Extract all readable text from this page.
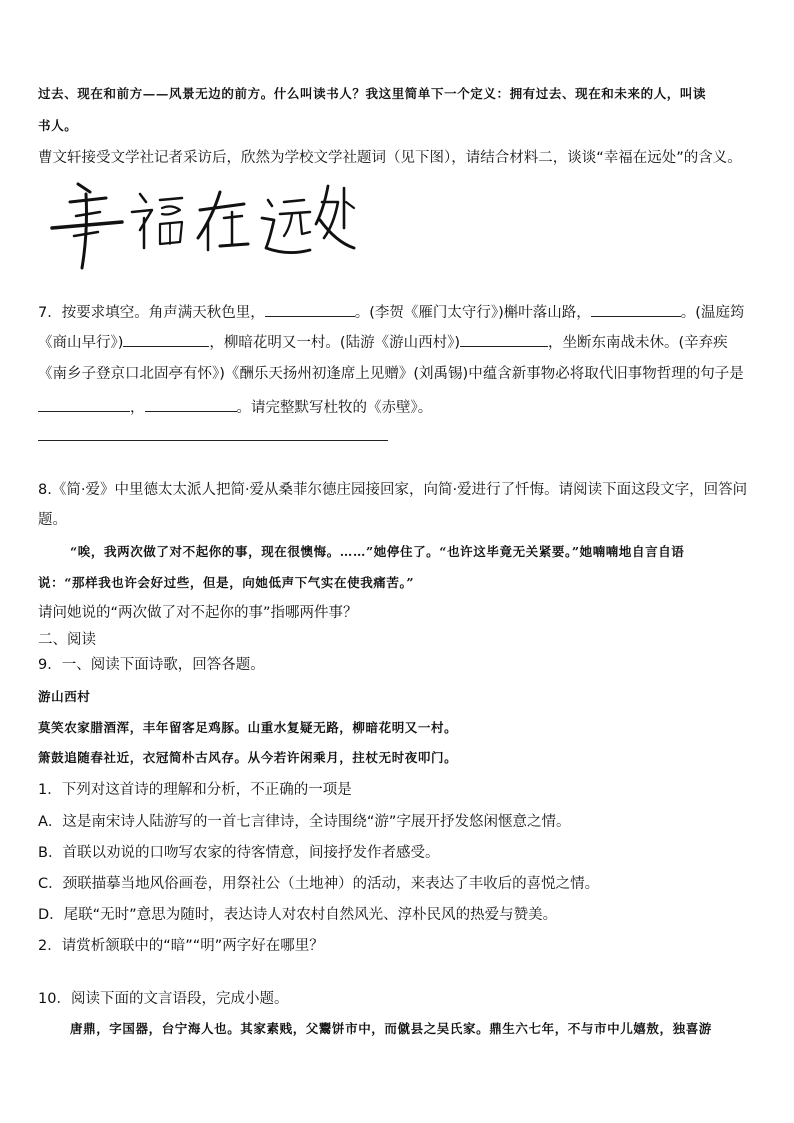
过去、现在和前方——风景无边的前方。什么叫读书人？我这里简单下一个定义：拥有过去、现在和未来的人，叫读
书人。
曹文轩接受文学社记者采访后，欣然为学校文学社题词（见下图），请结合材料二，谈谈“幸福在远处”的含义。
幸福在远处
7．按要求填空。角声满天秋色里，	。(李贺《雁门太守行》)槲叶落山路，	。(温庭筠
《商山早行》)	，柳暗花明又一村。(陆游《游山西村》)	，坐断东南战未休。(辛弃疾
《南乡子登京口北固亭有怀》)《酬乐天扬州初逢席上见赠》(刘禹锡)中蕴含新事物必将取代旧事物哲理的句子是
，	。请完整默写杜牧的《赤壁》。
8.《简·爱》中里德太太派人把简·爱从桑菲尔德庄园接回家，向简·爱进行了忏悔。请阅读下面这段文字，回答问
题。
“唉，我两次做了对不起你的事，现在很懊悔。……”她停住了。“也许这毕竟无关紧要。”她喃喃地自言自语
说：“那样我也许会好过些，但是，向她低声下气实在使我痛苦。”
请问她说的“两次做了对不起你的事”指哪两件事？
二、阅读
9．一、阅读下面诗歌，回答各题。
游山西村
莫笑农家腊酒浑，丰年留客足鸡豚。山重水复疑无路，柳暗花明又一村。
箫鼓追随春社近，衣冠简朴古风存。从今若许闲乘月，拄杖无时夜叩门。
1．下列对这首诗的理解和分析，不正确的一项是
A．这是南宋诗人陆游写的一首七言律诗，全诗围绕“游”字展开抒发悠闲惬意之情。
B．首联以劝说的口吻写农家的待客情意，间接抒发作者感受。
C．颈联描摹当地风俗画卷，用祭社公（土地神）的活动，来表达了丰收后的喜悦之情。
D．尾联“无时”意思为随时，表达诗人对农村自然风光、淳朴民风的热爱与赞美。
2．请赏析颔联中的“暗”“明”两字好在哪里？
10．阅读下面的文言语段，完成小题。
唐鼎，字国器，台宁海人也。其家素贱，父鬻饼市中，而僦县之吴氏家。鼎生六七年，不与市中儿嬉敖，独喜游
